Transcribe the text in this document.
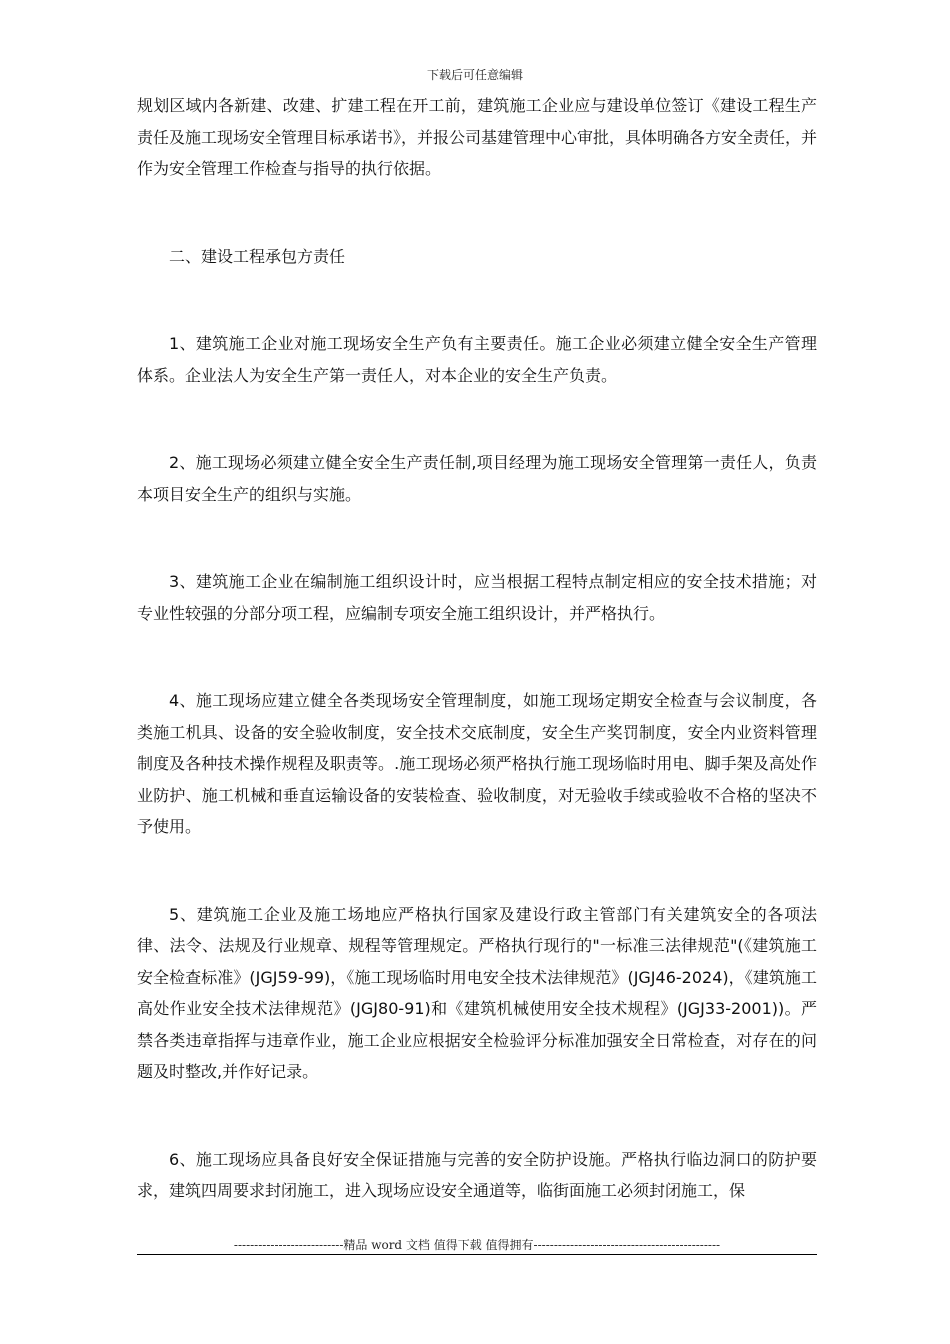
下载后可任意编辑

规划区域内各新建、改建、扩建工程在开工前，建筑施工企业应与建设单位签订《建设工程生产责任及施工现场安全管理目标承诺书》，并报公司基建管理中心审批，具体明确各方安全责任，并作为安全管理工作检查与指导的执行依据。

二、建设工程承包方责任

1、建筑施工企业对施工现场安全生产负有主要责任。施工企业必须建立健全安全生产管理体系。企业法人为安全生产第一责任人，对本企业的安全生产负责。

2、施工现场必须建立健全安全生产责任制,项目经理为施工现场安全管理第一责任人，负责本项目安全生产的组织与实施。

3、建筑施工企业在编制施工组织设计时，应当根据工程特点制定相应的安全技术措施；对专业性较强的分部分项工程，应编制专项安全施工组织设计，并严格执行。

4、施工现场应建立健全各类现场安全管理制度，如施工现场定期安全检查与会议制度，各类施工机具、设备的安全验收制度，安全技术交底制度，安全生产奖罚制度，安全内业资料管理制度及各种技术操作规程及职责等。.施工现场必须严格执行施工现场临时用电、脚手架及高处作业防护、施工机械和垂直运输设备的安装检查、验收制度，对无验收手续或验收不合格的坚决不予使用。

5、建筑施工企业及施工场地应严格执行国家及建设行政主管部门有关建筑安全的各项法律、法令、法规及行业规章、规程等管理规定。严格执行现行的"一标准三法律规范"(《建筑施工安全检查标准》(JGJ59-99)，《施工现场临时用电安全技术法律规范》(JGJ46-2024)，《建筑施工高处作业安全技术法律规范》(JGJ80-91)和《建筑机械使用安全技术规程》(JGJ33-2001))。严禁各类违章指挥与违章作业，施工企业应根据安全检验评分标准加强安全日常检查，对存在的问题及时整改,并作好记录。

6、施工现场应具备良好安全保证措施与完善的安全防护设施。严格执行临边洞口的防护要求，建筑四周要求封闭施工，进入现场应设安全通道等，临街面施工必须封闭施工，保

---------------------------精品 word 文档 值得下载 值得拥有----------------------------------------------
